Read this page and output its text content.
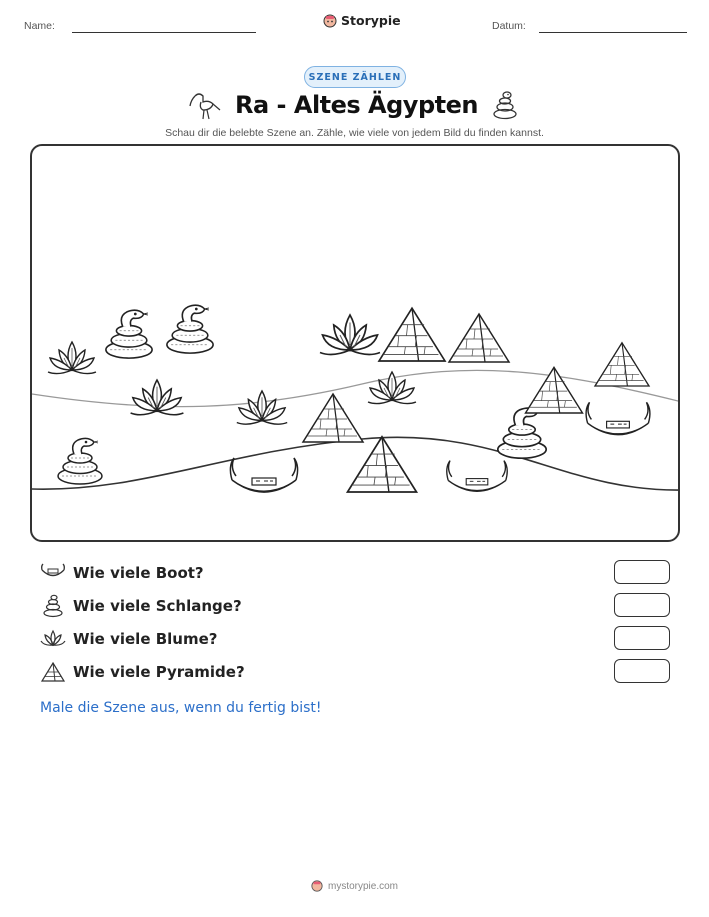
Name:	Storypie	Datum:
SZENE ZÄHLEN
Ra - Altes Ägypten
Schau dir die belebte Szene an. Zähle, wie viele von jedem Bild du finden kannst.
Wie viele Boot?
Wie viele Schlange?
Wie viele Blume?
Wie viele Pyramide?
Male die Szene aus, wenn du fertig bist!
mystorypie.com
